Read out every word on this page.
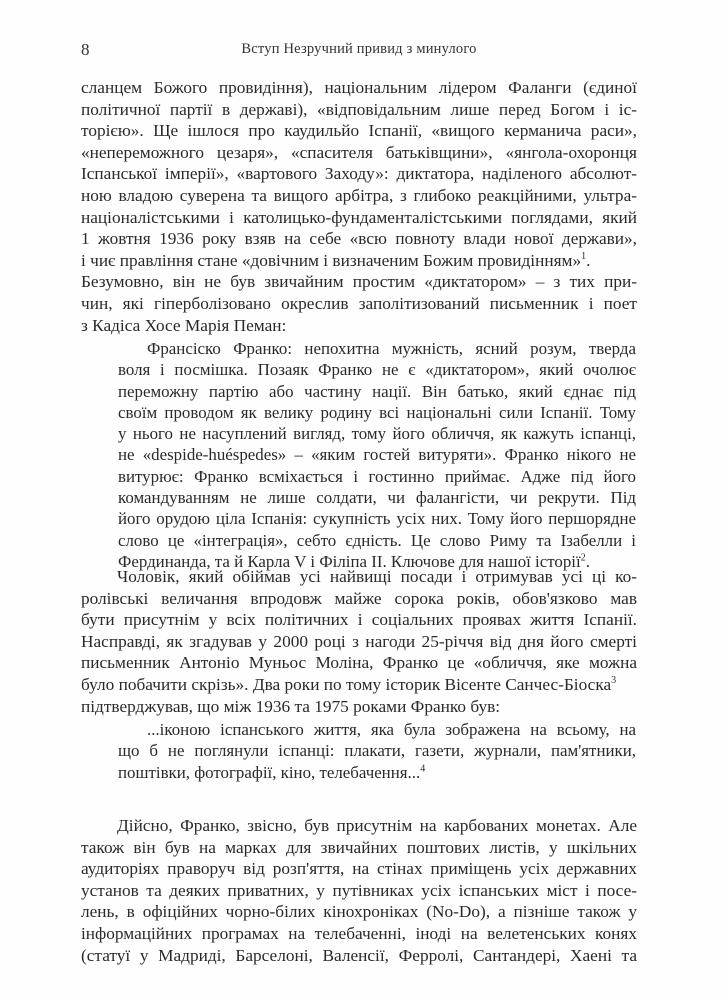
8	Вступ Незручний привид з минулого
сланцем Божого провидіння), національним лідером Фаланги (єдиної
політичної партії в державі), «відповідальним лише перед Богом і іс-
торією». Ще ішлося про каудильйо Іспанії, «вищого керманича раси»,
«непереможного цезаря», «спасителя батьківщини», «янгола-охоронця
Іспанської імперії», «вартового Заходу»: диктатора, наділеного абсолют-
ною владою суверена та вищого арбітра, з глибоко реакційними, ультра-
націоналістськими і католицько-фундаменталістськими поглядами, який
1 жовтня 1936 року взяв на себе «всю повноту влади нової держави»,
і чиє правління стане «довічним і визначеним Божим провидінням»$^1$.
Безумовно, він не був звичайним простим «диктатором» – з тих при-
чин, які гіперболізовано окреслив заполітизований письменник і поет
з Кадіса Хосе Марія Пеман:
Франсіско Франко: непохитна мужність, ясний розум, тверда
воля і посмішка. Позаяк Франко не є «диктатором», який очолює
переможну партію або частину нації. Він батько, який єднає під
своїм проводом як велику родину всі національні сили Іспанії. Тому
у нього не насуплений вигляд, тому його обличчя, як кажуть іспанці,
не «despide-huéspedes» – «яким гостей витуряти». Франко нікого не
витурює: Франко всміхається і гостинно приймає. Адже під його
командуванням не лише солдати, чи фалангісти, чи рекрути. Під
його орудою ціла Іспанія: сукупність усіх них. Тому його першорядне
слово це «інтеграція», себто єдність. Це слово Риму та Ізабелли і
Фердинанда, та й Карла V і Філіпа II. Ключове для нашої історії$^2$.
Чоловік, який обіймав усі найвищі посади і отримував усі ці ко-
ролівські величання впродовж майже сорока років, обов'язково мав
бути присутнім у всіх політичних і соціальних проявах життя Іспанії.
Насправді, як згадував у 2000 році з нагоди 25-річчя від дня його смерті
письменник Антоніо Муньос Моліна, Франко це «обличчя, яке можна
було побачити скрізь». Два роки по тому історик Вісенте Санчес-Біоска$^3$
підтверджував, що між 1936 та 1975 роками Франко був:
...іконою іспанського життя, яка була зображена на всьому, на
що б не поглянули іспанці: плакати, газети, журнали, пам'ятники,
поштівки, фотографії, кіно, телебачення...$^4$
Дійсно, Франко, звісно, був присутнім на карбованих монетах. Але
також він був на марках для звичайних поштових листів, у шкільних
аудиторіях праворуч від розп'яття, на стінах приміщень усіх державних
установ та деяких приватних, у путівниках усіх іспанських міст і посе-
лень, в офіційних чорно-білих кінохроніках (No-Do), а пізніше також у
інформаційних програмах на телебаченні, іноді на велетенських конях
(статуї у Мадриді, Барселоні, Валенсії, Ферролі, Сантандері, Хаені та
